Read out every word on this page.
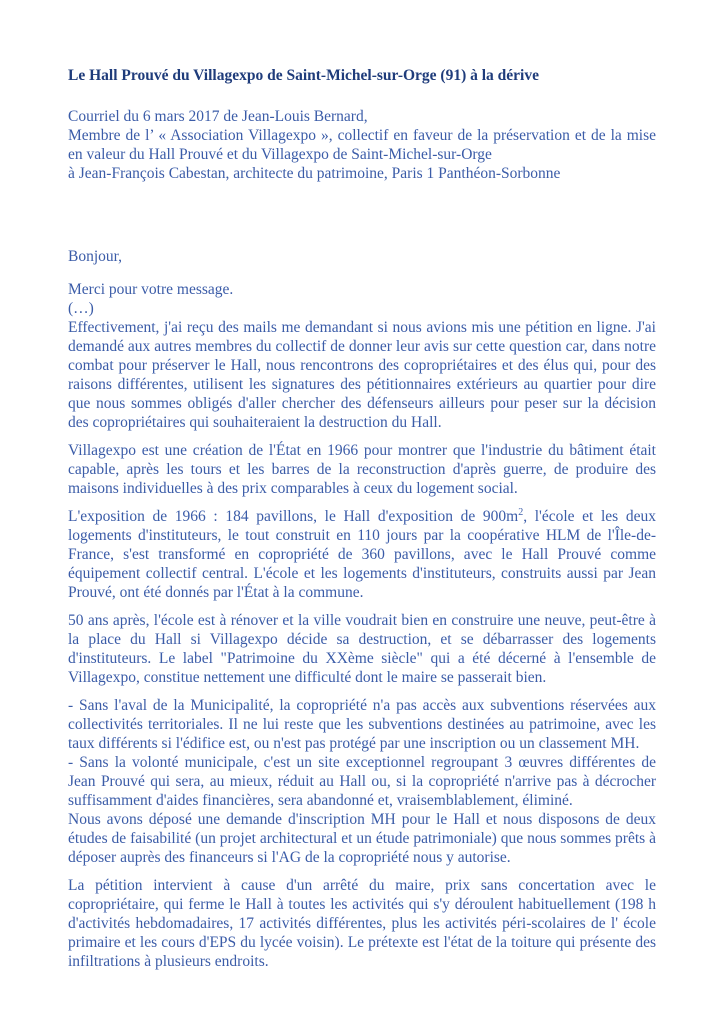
Le Hall Prouvé du Villagexpo de Saint-Michel-sur-Orge (91) à la dérive

Courriel du 6 mars 2017 de Jean-Louis Bernard,

Membre de l’ « Association Villagexpo », collectif en faveur de la préservation et de la mise en valeur du Hall Prouvé et du Villagexpo de Saint-Michel-sur-Orge

à Jean-François Cabestan, architecte du patrimoine, Paris 1 Panthéon-Sorbonne

Bonjour,

Merci pour votre message.

(…)

Effectivement, j'ai reçu des mails me demandant si nous avions mis une pétition en ligne. J'ai demandé aux autres membres du collectif de donner leur avis sur cette question car, dans notre combat pour préserver le Hall, nous rencontrons des copropriétaires et des élus qui, pour des raisons différentes, utilisent les signatures des pétitionnaires extérieurs au quartier pour dire que nous sommes obligés d'aller chercher des défenseurs ailleurs pour peser sur la décision des copropriétaires qui souhaiteraient la destruction du Hall.

Villagexpo est une création de l'État en 1966 pour montrer que l'industrie du bâtiment était capable, après les tours et les barres de la reconstruction d'après guerre, de produire des maisons individuelles à des prix comparables à ceux du logement social.

L'exposition de 1966 : 184 pavillons, le Hall d'exposition de $900m^2$, l'école et les deux logements d'instituteurs, le tout construit en 110 jours par la coopérative HLM de l'Île-de-France, s'est transformé en copropriété de 360 pavillons, avec le Hall Prouvé comme équipement collectif central. L'école et les logements d'instituteurs, construits aussi par Jean Prouvé, ont été donnés par l'État à la commune.

50 ans après, l'école est à rénover et la ville voudrait bien en construire une neuve, peut-être à la place du Hall si Villagexpo décide sa destruction, et se débarrasser des logements d'instituteurs. Le label "Patrimoine du XXème siècle" qui a été décerné à l'ensemble de Villagexpo, constitue nettement une difficulté dont le maire se passerait bien.

- Sans l'aval de la Municipalité, la copropriété n'a pas accès aux subventions réservées aux collectivités territoriales. Il ne lui reste que les subventions destinées au patrimoine, avec les taux différents si l'édifice est, ou n'est pas protégé par une inscription ou un classement MH.

- Sans la volonté municipale, c'est un site exceptionnel regroupant 3 œuvres différentes de Jean Prouvé qui sera, au mieux, réduit au Hall ou, si la copropriété n'arrive pas à décrocher suffisamment d'aides financières, sera abandonné et, vraisemblablement, éliminé.

Nous avons déposé une demande d'inscription MH pour le Hall et nous disposons de deux études de faisabilité (un projet architectural et un étude patrimoniale) que nous sommes prêts à déposer auprès des financeurs si l'AG de la copropriété nous y autorise.

La pétition intervient à cause d'un arrêté du maire, prix sans concertation avec le copropriétaire, qui ferme le Hall à toutes les activités qui s'y déroulent habituellement (198 h d'activités hebdomadaires, 17 activités différentes, plus les activités péri-scolaires de l' école primaire et les cours d'EPS du lycée voisin). Le prétexte est l'état de la toiture qui présente des infiltrations à plusieurs endroits.
